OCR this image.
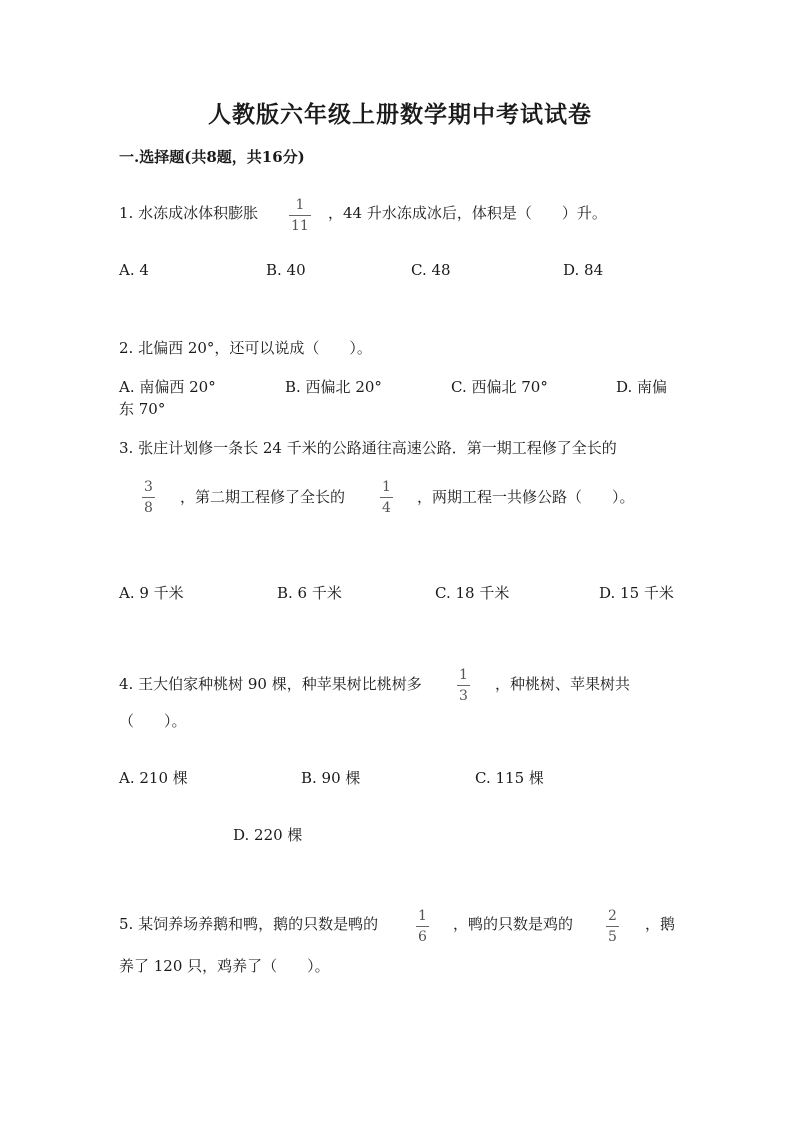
人教版六年级上册数学期中考试试卷
一.选择题(共8题，共16分)
1. 水冻成冰体积膨胀	1
11
，44 升水冻成冰后，体积是（　　）升。
A. 4	B. 40	C. 48	D. 84
2. 北偏西 20°，还可以说成（　　）。
A. 南偏西 20°	B. 西偏北 20°	C. 西偏北 70°	D. 南偏
东 70°
3. 张庄计划修一条长 24 千米的公路通往高速公路．第一期工程修了全长的
3
8
，第二期工程修了全长的
1
4
，两期工程一共修公路（　　）。
A. 9 千米	B. 6 千米	C. 18 千米	D. 15 千米
4. 王大伯家种桃树 90 棵，种苹果树比桃树多	1
3
，种桃树、苹果树共
（　　）。
A. 210 棵	B. 90 棵	C. 115 棵
D. 220 棵
5. 某饲养场养鹅和鸭，鹅的只数是鸭的	1
6
，鸭的只数是鸡的 2
5
，鹅
养了 120 只，鸡养了（　　）。
